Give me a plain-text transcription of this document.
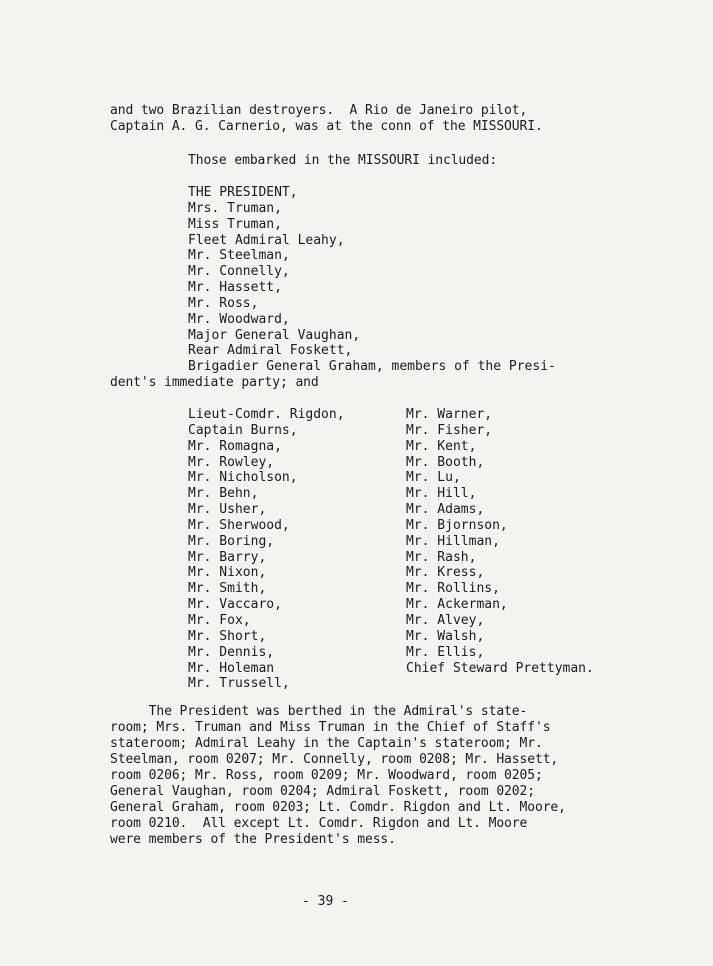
and two Brazilian destroyers.  A Rio de Janeiro pilot,
Captain A. G. Carnerio, was at the conn of the MISSOURI.
Those embarked in the MISSOURI included:
THE PRESIDENT,
Mrs. Truman,
Miss Truman,
Fleet Admiral Leahy,
Mr. Steelman,
Mr. Connelly,
Mr. Hassett,
Mr. Ross,
Mr. Woodward,
Major General Vaughan,
Rear Admiral Foskett,
Brigadier General Graham, members of the Presi-
dent's immediate party; and
Lieut-Comdr. Rigdon,
Captain Burns,
Mr. Romagna,
Mr. Rowley,
Mr. Nicholson,
Mr. Behn,
Mr. Usher,
Mr. Sherwood,
Mr. Boring,
Mr. Barry,
Mr. Nixon,
Mr. Smith,
Mr. Vaccaro,
Mr. Fox,
Mr. Short,
Mr. Dennis,
Mr. Holeman
Mr. Trussell,
Mr. Warner,
Mr. Fisher,
Mr. Kent,
Mr. Booth,
Mr. Lu,
Mr. Hill,
Mr. Adams,
Mr. Bjornson,
Mr. Hillman,
Mr. Rash,
Mr. Kress,
Mr. Rollins,
Mr. Ackerman,
Mr. Alvey,
Mr. Walsh,
Mr. Ellis,
Chief Steward Prettyman.
The President was berthed in the Admiral's state-
room; Mrs. Truman and Miss Truman in the Chief of Staff's
stateroom; Admiral Leahy in the Captain's stateroom; Mr.
Steelman, room 0207; Mr. Connelly, room 0208; Mr. Hassett,
room 0206; Mr. Ross, room 0209; Mr. Woodward, room 0205;
General Vaughan, room 0204; Admiral Foskett, room 0202;
General Graham, room 0203; Lt. Comdr. Rigdon and Lt. Moore,
room 0210.  All except Lt. Comdr. Rigdon and Lt. Moore
were members of the President's mess.
- 39 -
